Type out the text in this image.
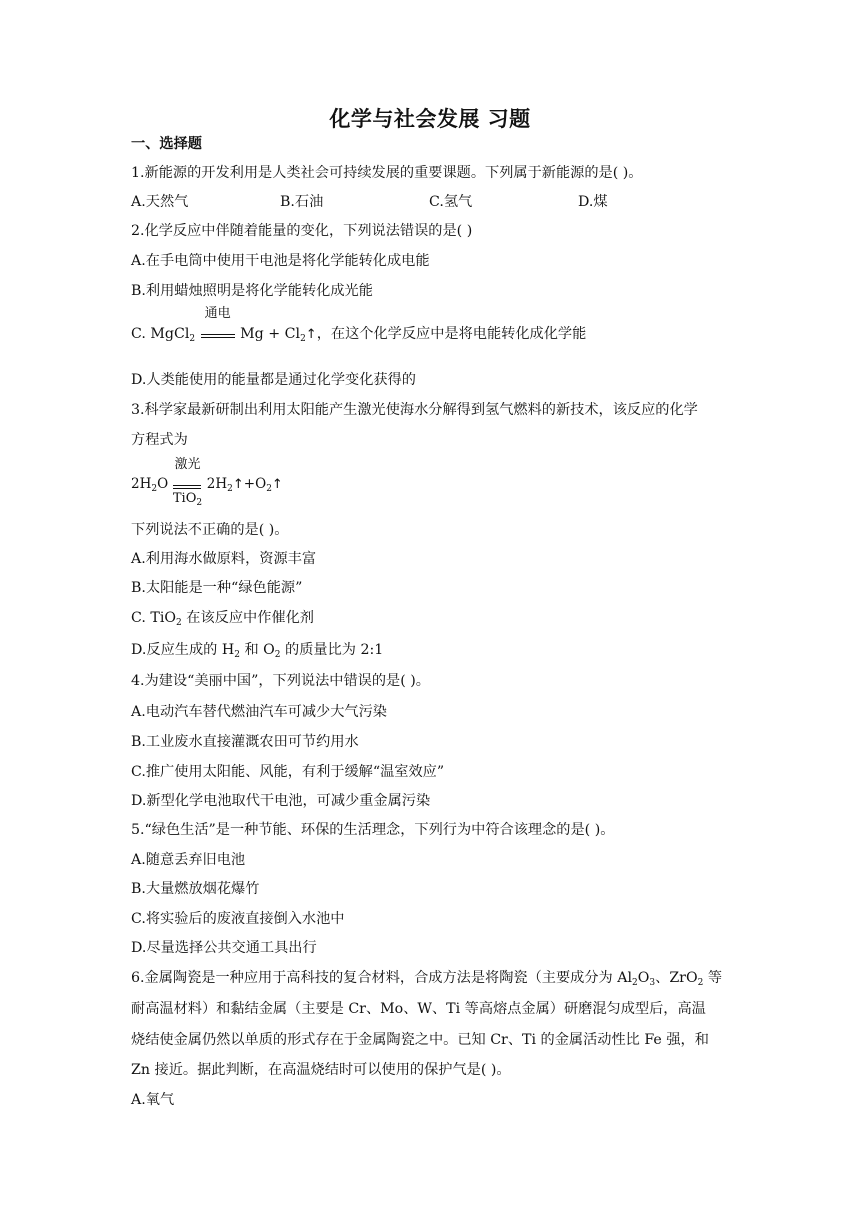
化学与社会发展 习题
一、选择题
1.新能源的开发利用是人类社会可持续发展的重要课题。下列属于新能源的是( )。
A.天然气	B.石油	C.氢气	D.煤
2.化学反应中伴随着能量的变化，下列说法错误的是( )
A.在手电筒中使用干电池是将化学能转化成电能
B.利用蜡烛照明是将化学能转化成光能
C. MgCl$_2$
通电
$Mg + Cl_2↑$，在这个化学反应中是将电能转化成化学能
D.人类能使用的能量都是通过化学变化获得的
3.科学家最新研制出利用太阳能产生激光使海水分解得到氢气燃料的新技术，该反应的化学
方程式为
$2H_2O$
激光
TiO$_2$
$2H_2↑+O_2↑$
下列说法不正确的是( )。
A.利用海水做原料，资源丰富
B.太阳能是一种“绿色能源”
C. TiO$_2$ 在该反应中作催化剂
D.反应生成的 $H_2$ 和 $O_2$ 的质量比为 2:1
4.为建设“美丽中国”，下列说法中错误的是( )。
A.电动汽车替代燃油汽车可减少大气污染
B.工业废水直接灌溉农田可节约用水
C.推广使用太阳能、风能，有利于缓解“温室效应”
D.新型化学电池取代干电池，可减少重金属污染
5.“绿色生活”是一种节能、环保的生活理念，下列行为中符合该理念的是( )。
A.随意丢弃旧电池
B.大量燃放烟花爆竹
C.将实验后的废液直接倒入水池中
D.尽量选择公共交通工具出行
6.金属陶瓷是一种应用于高科技的复合材料，合成方法是将陶瓷（主要成分为 $Al_2O_3$、ZrO$_2$ 等
耐高温材料）和黏结金属（主要是 Cr、Mo、W、Ti 等高熔点金属）研磨混匀成型后，高温
烧结使金属仍然以单质的形式存在于金属陶瓷之中。已知 Cr、Ti 的金属活动性比 Fe 强，和
Zn 接近。据此判断，在高温烧结时可以使用的保护气是( )。
A.氧气
